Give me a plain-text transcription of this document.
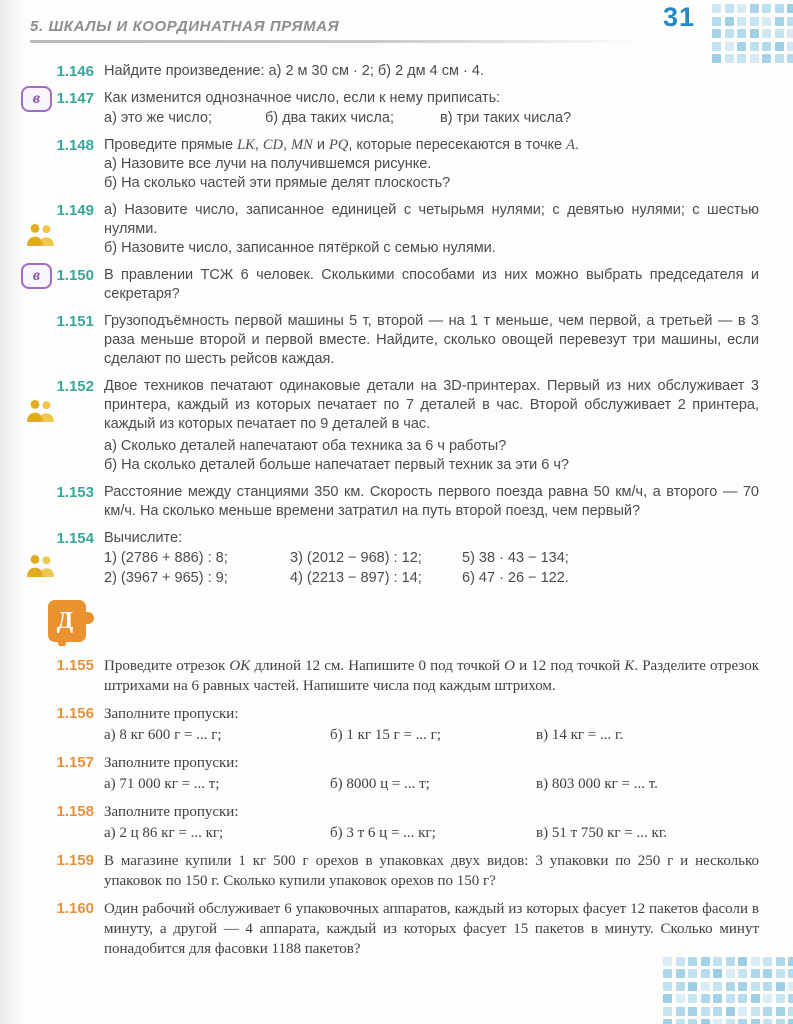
5. ШКАЛЫ И КООРДИНАТНАЯ ПРЯМАЯ	31
1.146 Найдите произведение: а) 2 м 30 см · 2; б) 2 дм 4 см · 4.

в	1.147 Как изменится однозначное число, если к нему приписать:

а) это же число;	б) два таких числа;	в) три таких числа?
1.148 Проведите прямые LK, CD, MN и PQ, которые пересекаются в точке A.

а) Назовите все лучи на получившемся рисунке.

б) На сколько частей эти прямые делят плоскость?

1.149 а) Назовите число, записанное единицей с четырьмя нулями; с девятью нулями; с шестью нулями.

б) Назовите число, записанное пятёркой с семью нулями.

в	1.150 В правлении ТСЖ 6 человек. Сколькими способами из них можно выбрать председателя и секретаря?

1.151 Грузоподъёмность первой машины 5 т, второй — на 1 т меньше, чем первой, а третьей — в 3 раза меньше второй и первой вместе. Найдите, сколько овощей перевезут три машины, если сделают по шесть рейсов каждая.

1.152 Двое техников печатают одинаковые детали на 3D-принтерах. Первый из них обслуживает 3 принтера, каждый из которых печатает по 7 деталей в час. Второй обслуживает 2 принтера, каждый из которых печатает по 9 деталей в час.

а) Сколько деталей напечатают оба техника за 6 ч работы?

б) На сколько деталей больше напечатает первый техник за эти 6 ч?

1.153 Расстояние между станциями 350 км. Скорость первого поезда равна 50 км/ч, а второго — 70 км/ч. На сколько меньше времени затратил на путь второй поезд, чем первый?

1.154 Вычислите:

1) (2786 + 886) : 8;	3) (2012 − 968) : 12;	5) 38 · 43 − 134;
2) (3967 + 965) : 9;	4) (2213 − 897) : 14;	6) 47 · 26 − 122.
Д
1.155 Проведите отрезок OK длиной 12 см. Напишите 0 под точкой O и 12 под точкой K. Разделите отрезок штрихами на 6 равных частей. Напишите числа под каждым штрихом.

1.156 Заполните пропуски:

а) 8 кг 600 г = ... г;	б) 1 кг 15 г = ... г;	в) 14 кг = ... г.
1.157 Заполните пропуски:

а) 71 000 кг = ... т;	б) 8000 ц = ... т;	в) 803 000 кг = ... т.
1.158 Заполните пропуски:

а) 2 ц 86 кг = ... кг;	б) 3 т 6 ц = ... кг;	в) 51 т 750 кг = ... кг.
1.159 В магазине купили 1 кг 500 г орехов в упаковках двух видов: 3 упаковки по 250 г и несколько упаковок по 150 г. Сколько купили упаковок орехов по 150 г?

1.160 Один рабочий обслуживает 6 упаковочных аппаратов, каждый из которых фасует 12 пакетов фасоли в минуту, а другой — 4 аппарата, каждый из которых фасует 15 пакетов в минуту. Сколько минут понадобится для фасовки 1188 пакетов?
